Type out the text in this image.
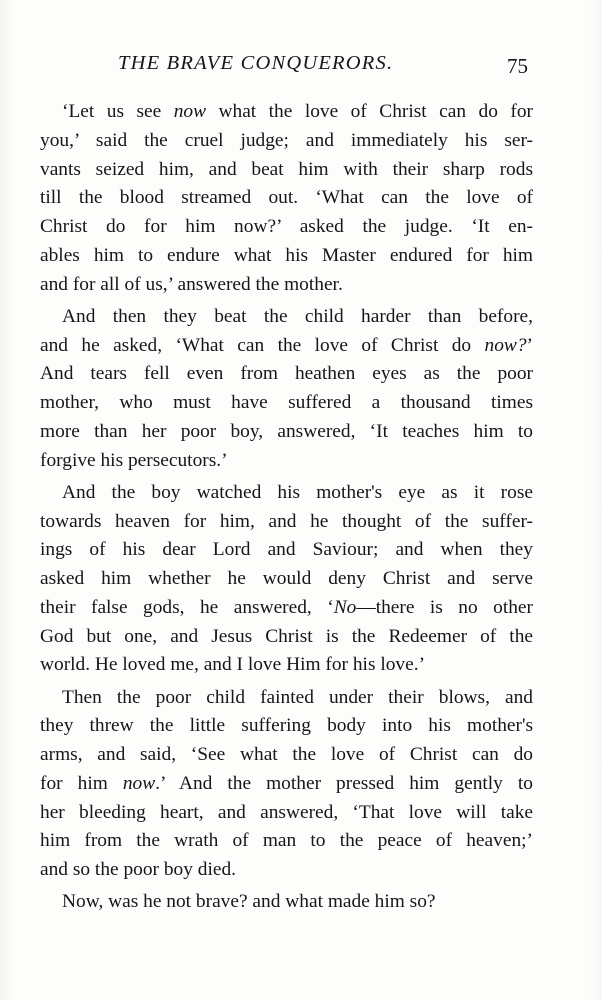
THE BRAVE CONQUERORS.	75
‘Let us see now what the love of Christ can do for
you,’ said the cruel judge; and immediately his ser-
vants seized him, and beat him with their sharp rods
till the blood streamed out. ‘What can the love of
Christ do for him now?’ asked the judge. ‘It en-
ables him to endure what his Master endured for him
and for all of us,’ answered the mother.
And then they beat the child harder than before,
and he asked, ‘What can the love of Christ do now?’
And tears fell even from heathen eyes as the poor
mother, who must have suffered a thousand times
more than her poor boy, answered, ‘It teaches him to
forgive his persecutors.’
And the boy watched his mother's eye as it rose
towards heaven for him, and he thought of the suffer-
ings of his dear Lord and Saviour; and when they
asked him whether he would deny Christ and serve
their false gods, he answered, ‘No—there is no other
God but one, and Jesus Christ is the Redeemer of the
world. He loved me, and I love Him for his love.’
Then the poor child fainted under their blows, and
they threw the little suffering body into his mother's
arms, and said, ‘See what the love of Christ can do
for him now.’ And the mother pressed him gently to
her bleeding heart, and answered, ‘That love will take
him from the wrath of man to the peace of heaven;’
and so the poor boy died.
Now, was he not brave? and what made him so?
